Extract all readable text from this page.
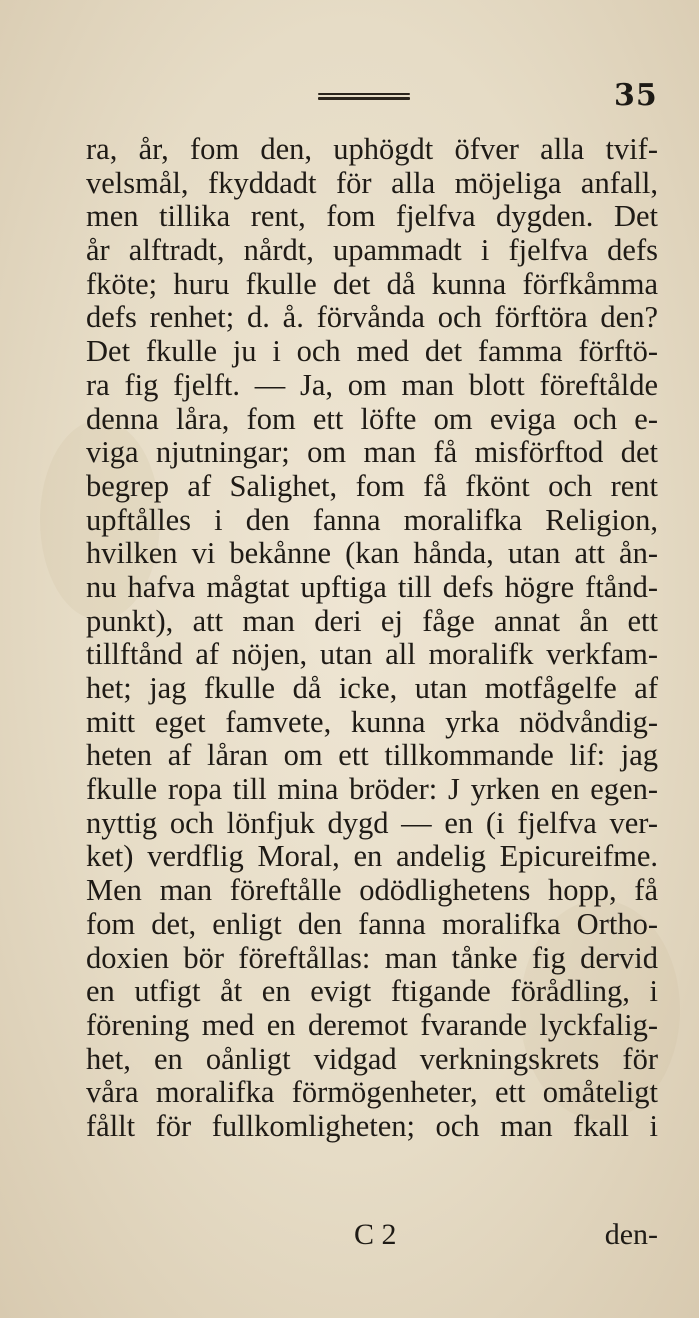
35
ra, år, fom den, uphögdt öfver alla tvif-
velsmål, fkyddadt för alla möjeliga anfall,
men tillika rent, fom fjelfva dygden. Det
år alftradt, nårdt, upammadt i fjelfva defs
fköte; huru fkulle det då kunna förfkåmma
defs renhet; d. å. förvånda och förftöra den?
Det fkulle ju i och med det famma förftö-
ra fig fjelft. — Ja, om man blott föreftålde
denna låra, fom ett löfte om eviga och e-
viga njutningar; om man få misförftod det
begrep af Salighet, fom få fkönt och rent
upftålles i den fanna moralifka Religion,
hvilken vi bekånne (kan hånda, utan att ån-
nu hafva mågtat upftiga till defs högre ftånd-
punkt), att man deri ej fåge annat ån ett
tillftånd af nöjen, utan all moralifk verkfam-
het; jag fkulle då icke, utan motfågelfe af
mitt eget famvete, kunna yrka nödvåndig-
heten af låran om ett tillkommande lif: jag
fkulle ropa till mina bröder: J yrken en egen-
nyttig och lönfjuk dygd — en (i fjelfva ver-
ket) verdflig Moral, en andelig Epicureifme.
Men man föreftålle odödlighetens hopp, få
fom det, enligt den fanna moralifka Ortho-
doxien bör föreftållas: man tånke fig dervid
en utfigt åt en evigt ftigande förådling, i
förening med en deremot fvarande lyckfalig-
het, en oånligt vidgad verkningskrets för
våra moralifka förmögenheter, ett omåteligt
fållt för fullkomligheten; och man fkall i
C 2	den-
